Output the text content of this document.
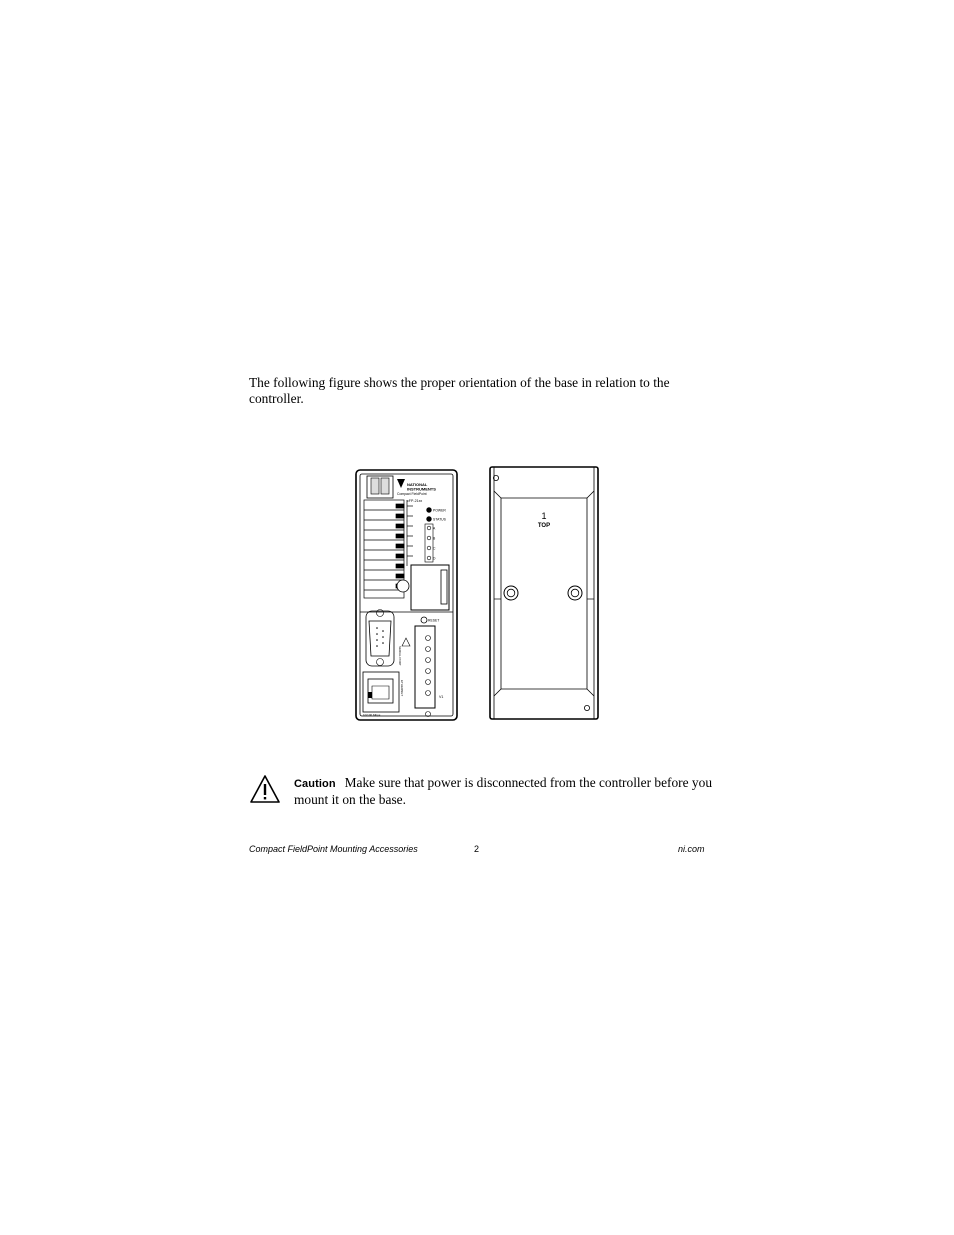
The following figure shows the proper orientation of the base in relation to the controller.
NATIONAL
INSTRUMENTS
Compact FieldPoint
cFP-21xx
POWER
STATUS
A
B
C
D
RESET
10/100 Mbps
V1
SERIAL PORT
ETHERNET
1
TOP
Caution Make sure that power is disconnected from the controller before you mount it on the base.
Compact FieldPoint Mounting Accessories	2	ni.com
